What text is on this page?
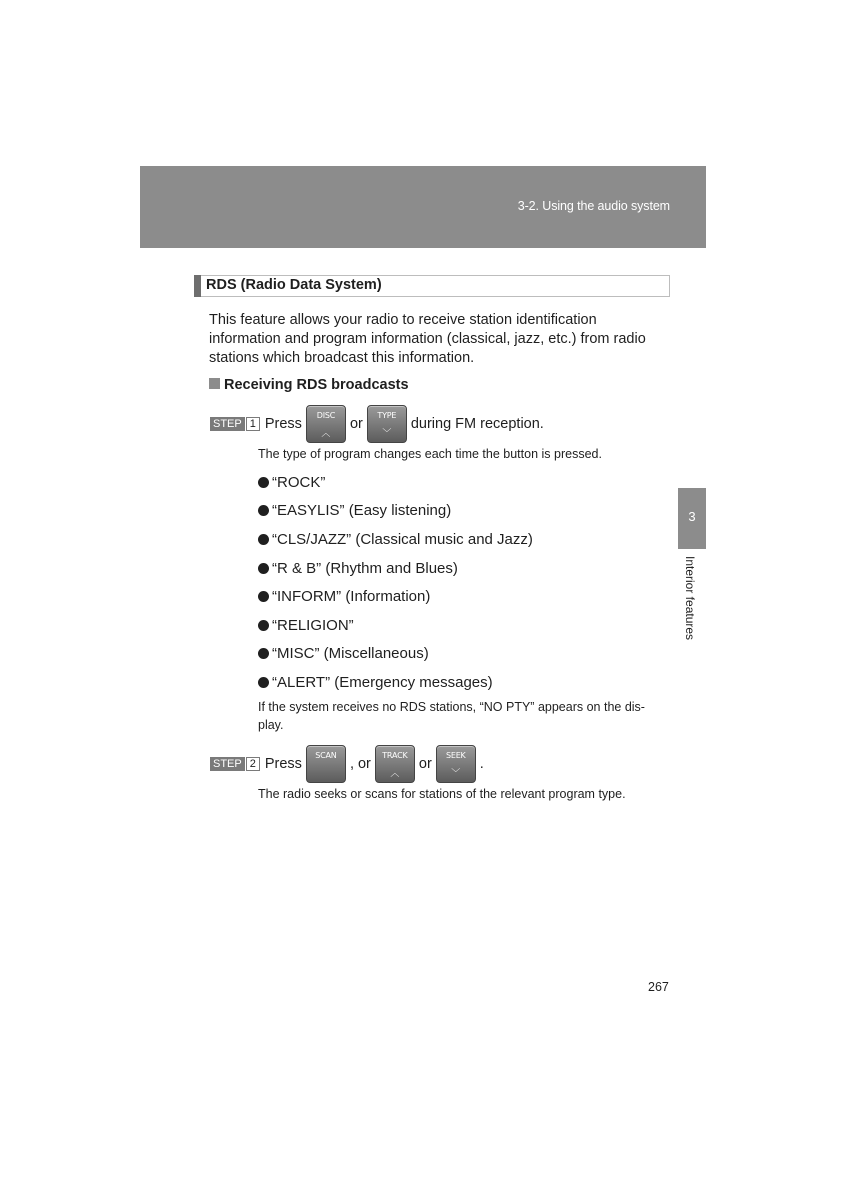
3-2. Using the audio system
RDS (Radio Data System)
This feature allows your radio to receive station identification information and program information (classical, jazz, etc.) from radio stations which broadcast this information.
Receiving RDS broadcasts
STEP 1 Press
DISC
︿
or
TYPE
﹀
during FM reception.
The type of program changes each time the button is pressed.
“ROCK”
“EASYLIS” (Easy listening)
“CLS/JAZZ” (Classical music and Jazz)
“R & B” (Rhythm and Blues)
“INFORM” (Information)
“RELIGION”
“MISC” (Miscellaneous)
“ALERT” (Emergency messages)
If the system receives no RDS stations, “NO PTY” appears on the dis-play.
STEP 2 Press
SCAN
, or
TRACK
︿
or
SEEK
﹀
.
The radio seeks or scans for stations of the relevant program type.
3
Interior features
267
